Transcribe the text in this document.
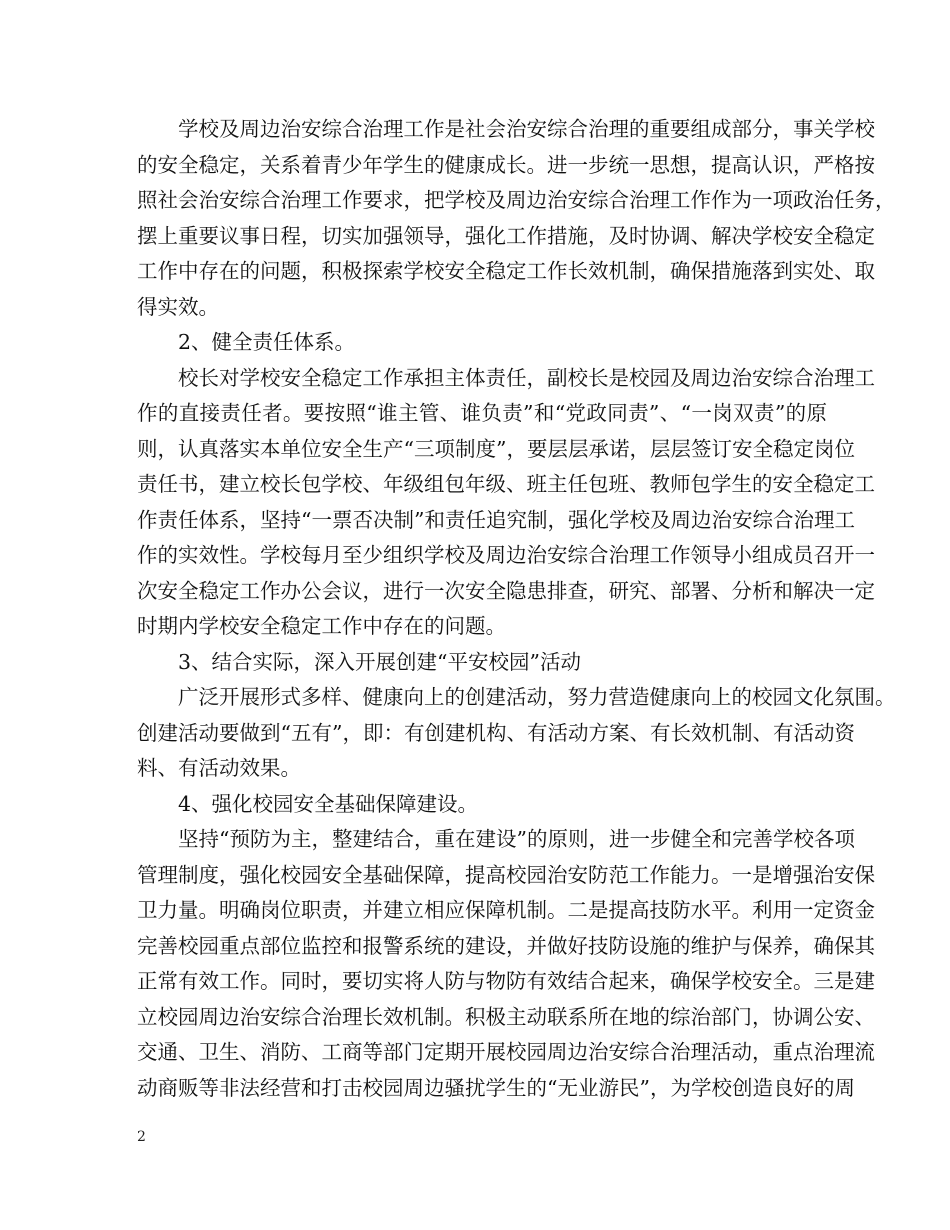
学校及周边治安综合治理工作是社会治安综合治理的重要组成部分，事关学校
的安全稳定，关系着青少年学生的健康成长。进一步统一思想，提高认识，严格按
照社会治安综合治理工作要求，把学校及周边治安综合治理工作作为一项政治任务，
摆上重要议事日程，切实加强领导，强化工作措施，及时协调、解决学校安全稳定
工作中存在的问题，积极探索学校安全稳定工作长效机制，确保措施落到实处、取
得实效。
2、健全责任体系。
校长对学校安全稳定工作承担主体责任，副校长是校园及周边治安综合治理工
作的直接责任者。要按照“谁主管、谁负责”和“党政同责”、“一岗双责”的原
则，认真落实本单位安全生产“三项制度”，要层层承诺，层层签订安全稳定岗位
责任书，建立校长包学校、年级组包年级、班主任包班、教师包学生的安全稳定工
作责任体系，坚持“一票否决制”和责任追究制，强化学校及周边治安综合治理工
作的实效性。学校每月至少组织学校及周边治安综合治理工作领导小组成员召开一
次安全稳定工作办公会议，进行一次安全隐患排查，研究、部署、分析和解决一定
时期内学校安全稳定工作中存在的问题。
3、结合实际，深入开展创建“平安校园”活动
广泛开展形式多样、健康向上的创建活动，努力营造健康向上的校园文化氛围。
创建活动要做到“五有”，即：有创建机构、有活动方案、有长效机制、有活动资
料、有活动效果。
4、强化校园安全基础保障建设。
坚持“预防为主，整建结合，重在建设”的原则，进一步健全和完善学校各项
管理制度，强化校园安全基础保障，提高校园治安防范工作能力。一是增强治安保
卫力量。明确岗位职责，并建立相应保障机制。二是提高技防水平。利用一定资金
完善校园重点部位监控和报警系统的建设，并做好技防设施的维护与保养，确保其
正常有效工作。同时，要切实将人防与物防有效结合起来，确保学校安全。三是建
立校园周边治安综合治理长效机制。积极主动联系所在地的综治部门，协调公安、
交通、卫生、消防、工商等部门定期开展校园周边治安综合治理活动，重点治理流
动商贩等非法经营和打击校园周边骚扰学生的“无业游民”，为学校创造良好的周
2
